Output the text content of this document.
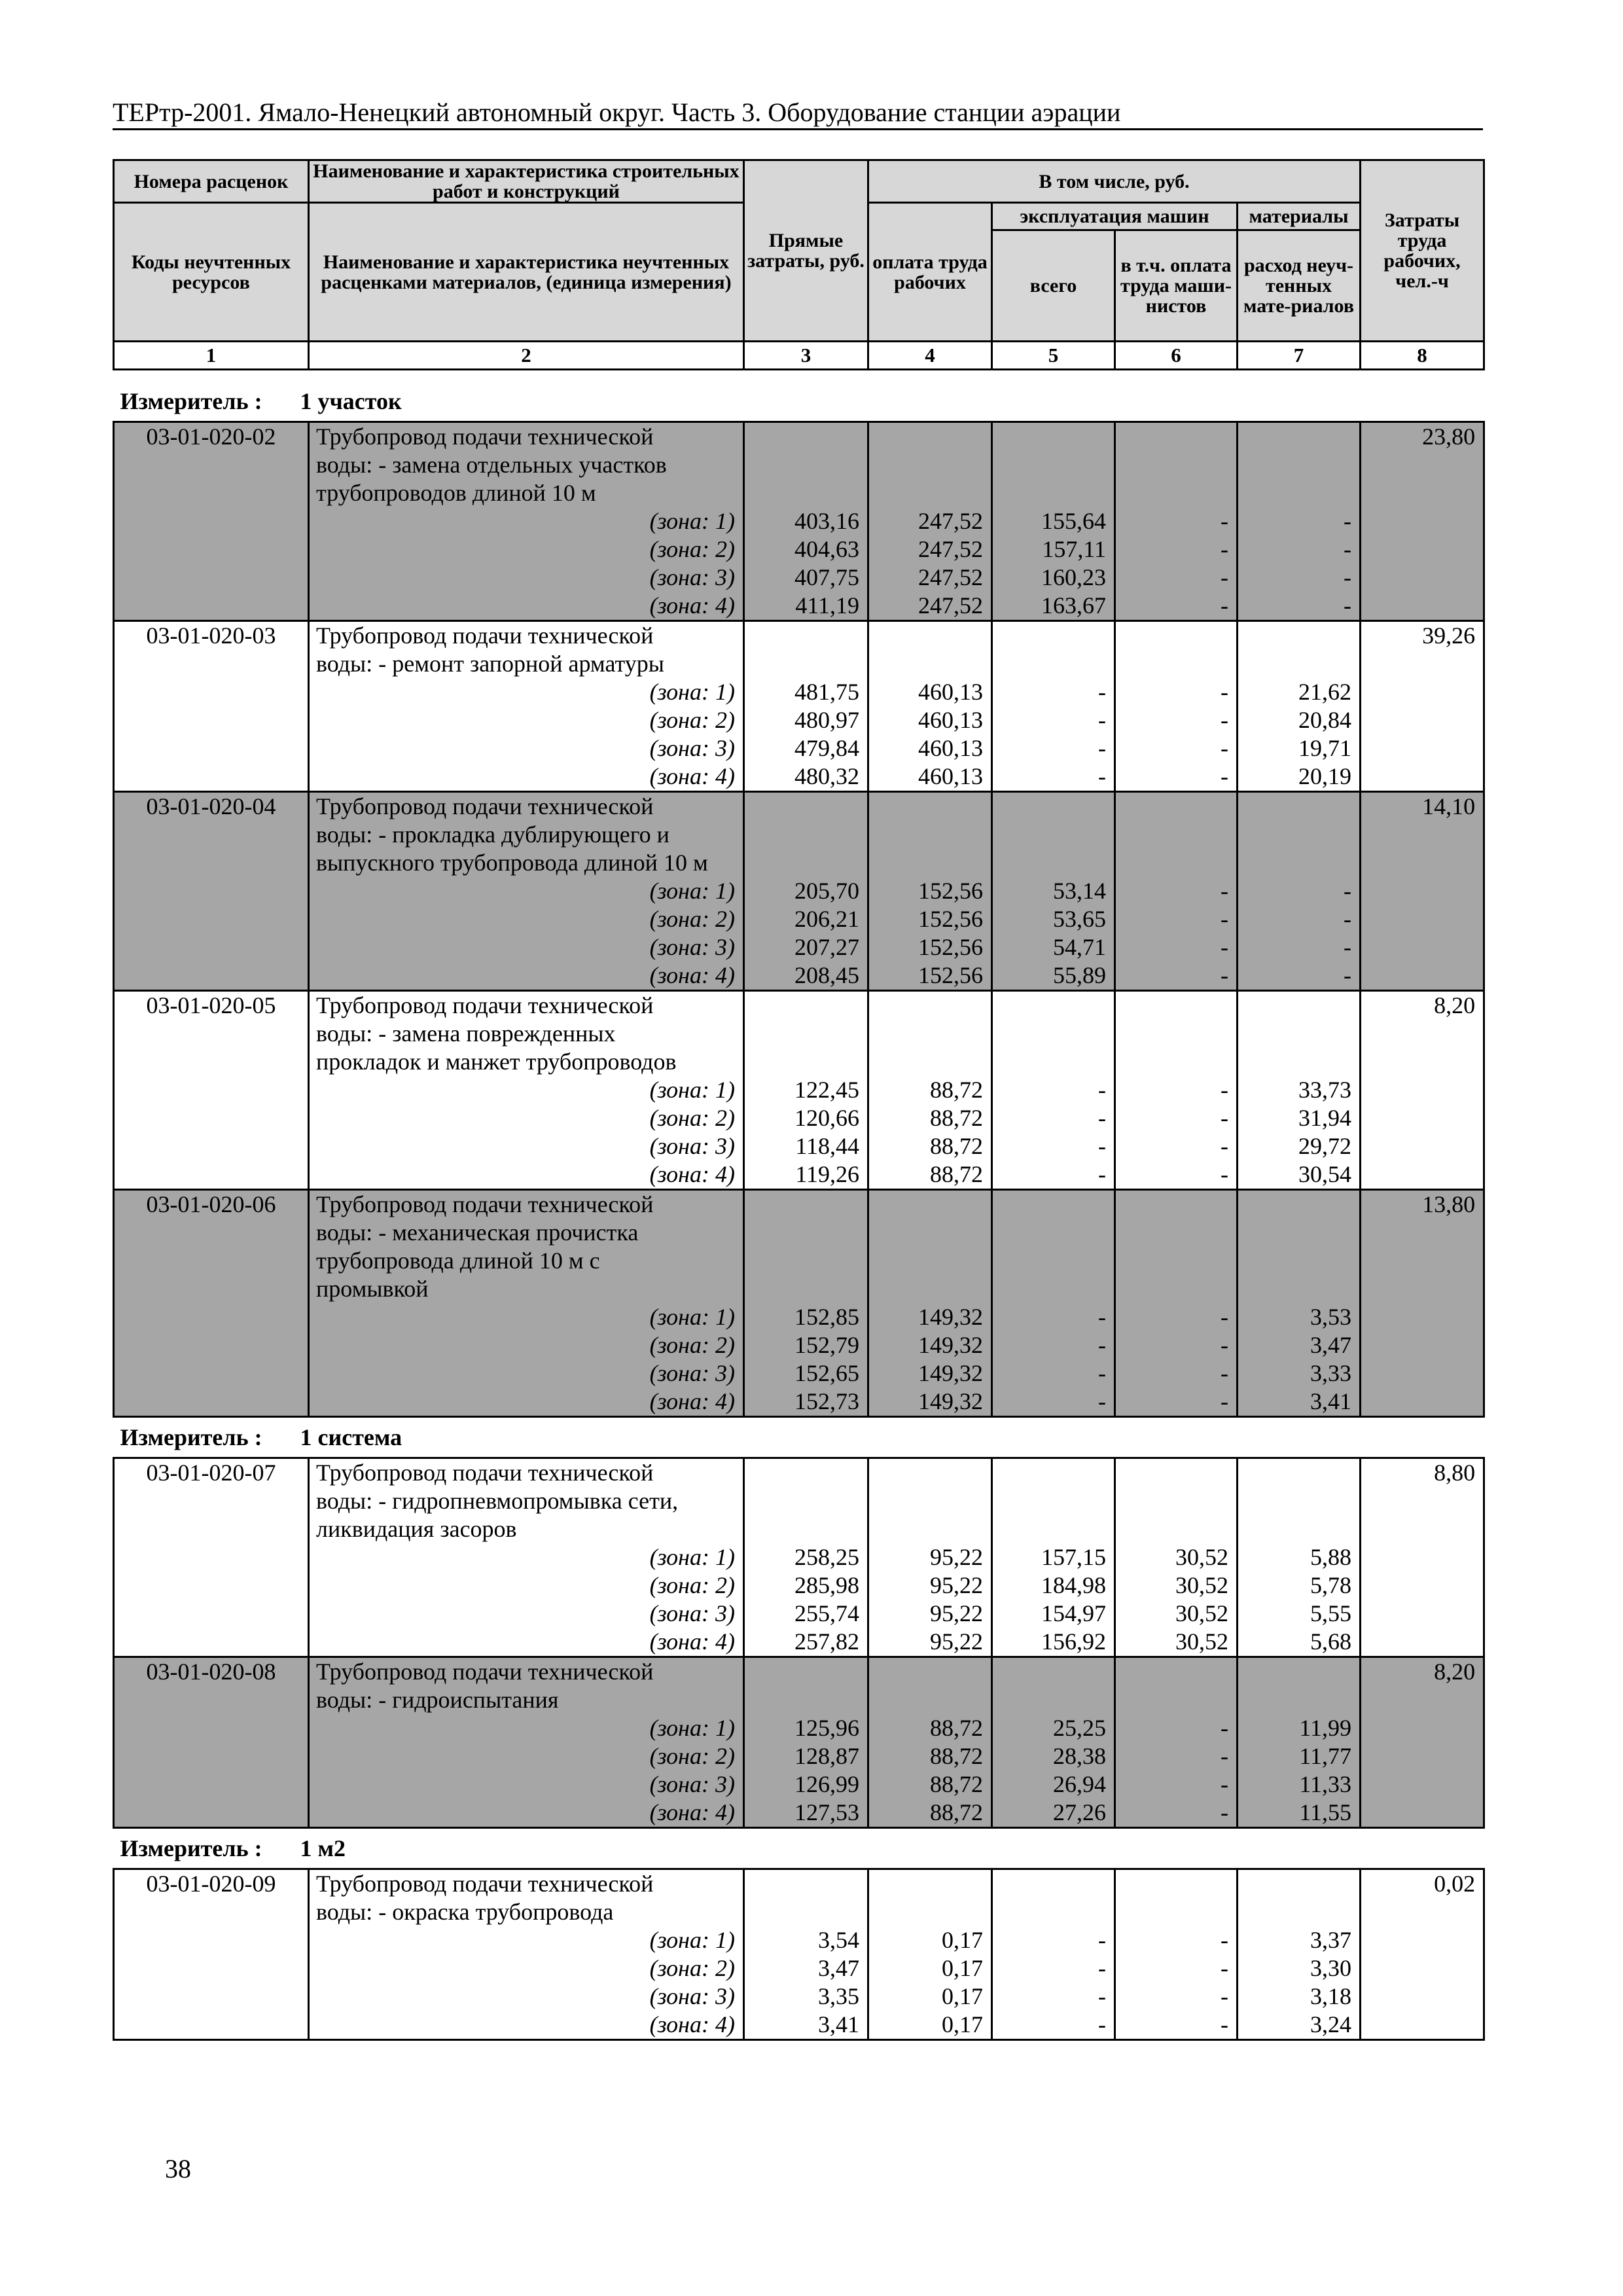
ТЕРтр-2001. Ямало-Ненецкий автономный округ. Часть 3. Оборудование станции аэрации
Номера расценок	Наименование и характеристика строительных работ и конструкций	Прямые затраты, руб.	В том числе, руб.				Затраты труда рабочих, чел.-ч
Коды неучтенных ресурсов	Наименование и характеристика неучтенных расценками материалов, (единица измерения)		оплата труда рабочих	эксплуатация машин		материалы	
				всего	в т.ч. оплата труда маши-нистов	расход неуч-тенных мате-риалов	

1	2	3	4	5	6	7	8
Измеритель : 1 участок							
03-01-020-02	Трубопровод подачи технической						23,80
	воды: - замена отдельных участков						
	трубопроводов длиной 10 м						
	(зона: 1)	403,16	247,52	155,64	-	-	
	(зона: 2)	404,63	247,52	157,11	-	-	
	(зона: 3)	407,75	247,52	160,23	-	-	
	(зона: 4)	411,19	247,52	163,67	-	-	
03-01-020-03	Трубопровод подачи технической						39,26
	воды: - ремонт запорной арматуры						
	(зона: 1)	481,75	460,13	-	-	21,62	
	(зона: 2)	480,97	460,13	-	-	20,84	
	(зона: 3)	479,84	460,13	-	-	19,71	
	(зона: 4)	480,32	460,13	-	-	20,19	
03-01-020-04	Трубопровод подачи технической						14,10
	воды: - прокладка дублирующего и						
	выпускного трубопровода длиной 10 м						
	(зона: 1)	205,70	152,56	53,14	-	-	
	(зона: 2)	206,21	152,56	53,65	-	-	
	(зона: 3)	207,27	152,56	54,71	-	-	
	(зона: 4)	208,45	152,56	55,89	-	-	
03-01-020-05	Трубопровод подачи технической						8,20
	воды: - замена поврежденных						
	прокладок и манжет трубопроводов						
	(зона: 1)	122,45	88,72	-	-	33,73	
	(зона: 2)	120,66	88,72	-	-	31,94	
	(зона: 3)	118,44	88,72	-	-	29,72	
	(зона: 4)	119,26	88,72	-	-	30,54	
03-01-020-06	Трубопровод подачи технической						13,80
	воды: - механическая прочистка						
	трубопровода длиной 10 м с						
	промывкой						
	(зона: 1)	152,85	149,32	-	-	3,53	
	(зона: 2)	152,79	149,32	-	-	3,47	
	(зона: 3)	152,65	149,32	-	-	3,33	
	(зона: 4)	152,73	149,32	-	-	3,41	
Измеритель : 1 система							
03-01-020-07	Трубопровод подачи технической						8,80
	воды: - гидропневмопромывка сети,						
	ликвидация засоров						
	(зона: 1)	258,25	95,22	157,15	30,52	5,88	
	(зона: 2)	285,98	95,22	184,98	30,52	5,78	
	(зона: 3)	255,74	95,22	154,97	30,52	5,55	
	(зона: 4)	257,82	95,22	156,92	30,52	5,68	
03-01-020-08	Трубопровод подачи технической						8,20
	воды: - гидроиспытания						
	(зона: 1)	125,96	88,72	25,25	-	11,99	
	(зона: 2)	128,87	88,72	28,38	-	11,77	
	(зона: 3)	126,99	88,72	26,94	-	11,33	
	(зона: 4)	127,53	88,72	27,26	-	11,55	
Измеритель : 1 м2							
03-01-020-09	Трубопровод подачи технической						0,02
	воды: - окраска трубопровода						
	(зона: 1)	3,54	0,17	-	-	3,37	
	(зона: 2)	3,47	0,17	-	-	3,30	
	(зона: 3)	3,35	0,17	-	-	3,18	
	(зона: 4)	3,41	0,17	-	-	3,24	
38
